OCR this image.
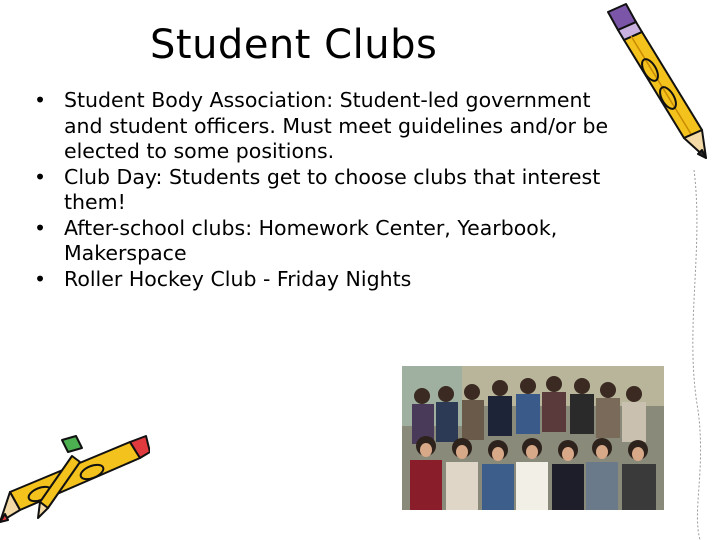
Student Clubs
• Student Body Association: Student-led government and student officers. Must meet guidelines and/or be elected to some positions.
• Club Day: Students get to choose clubs that interest them!
• After-school clubs: Homework Center, Yearbook, Makerspace
• Roller Hockey Club - Friday Nights
